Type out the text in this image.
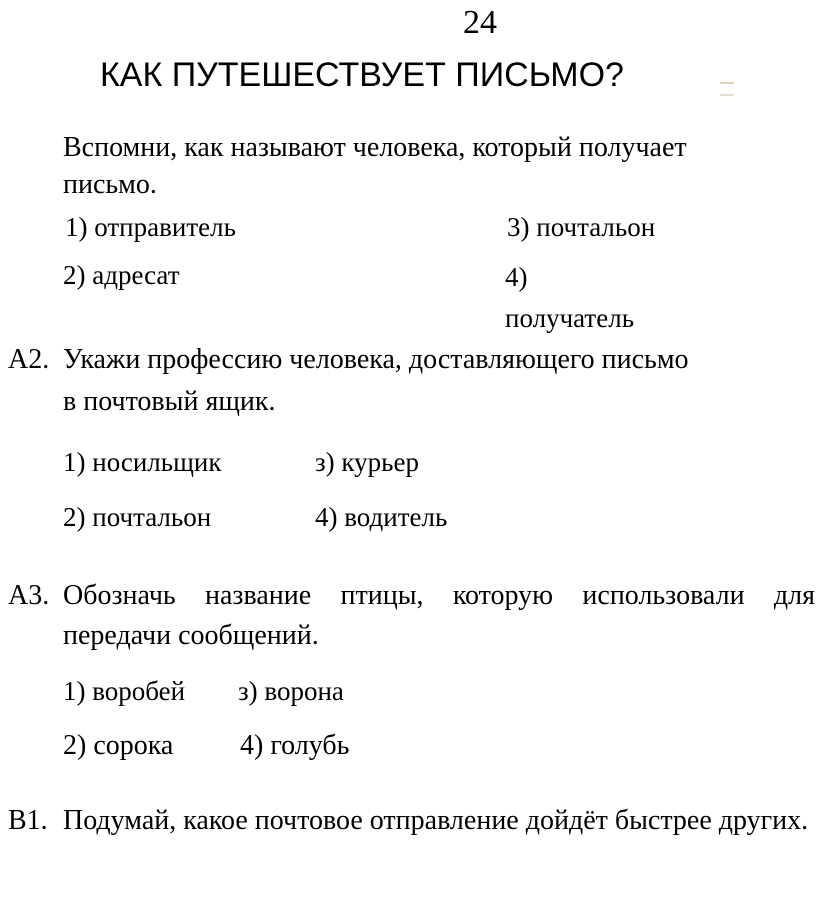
24
КАК ПУТЕШЕСТВУЕТ ПИСЬМО?
Вспомни, как называют человека, который получает
письмо.
1) отправитель
2) адресат
3) почтальон
4)
получатель
А2. Укажи профессию человека, доставляющего письмо
в почтовый ящик.
1) носильщик	з) курьер
2) почтальон	4) водитель
А3. Обозначь название птицы, которую использовали для передачи сообщений.
1) воробей з) ворона
2) сорока 4) голубь
В1. Подумай, какое почтовое отправление дойдёт быстрее других.
